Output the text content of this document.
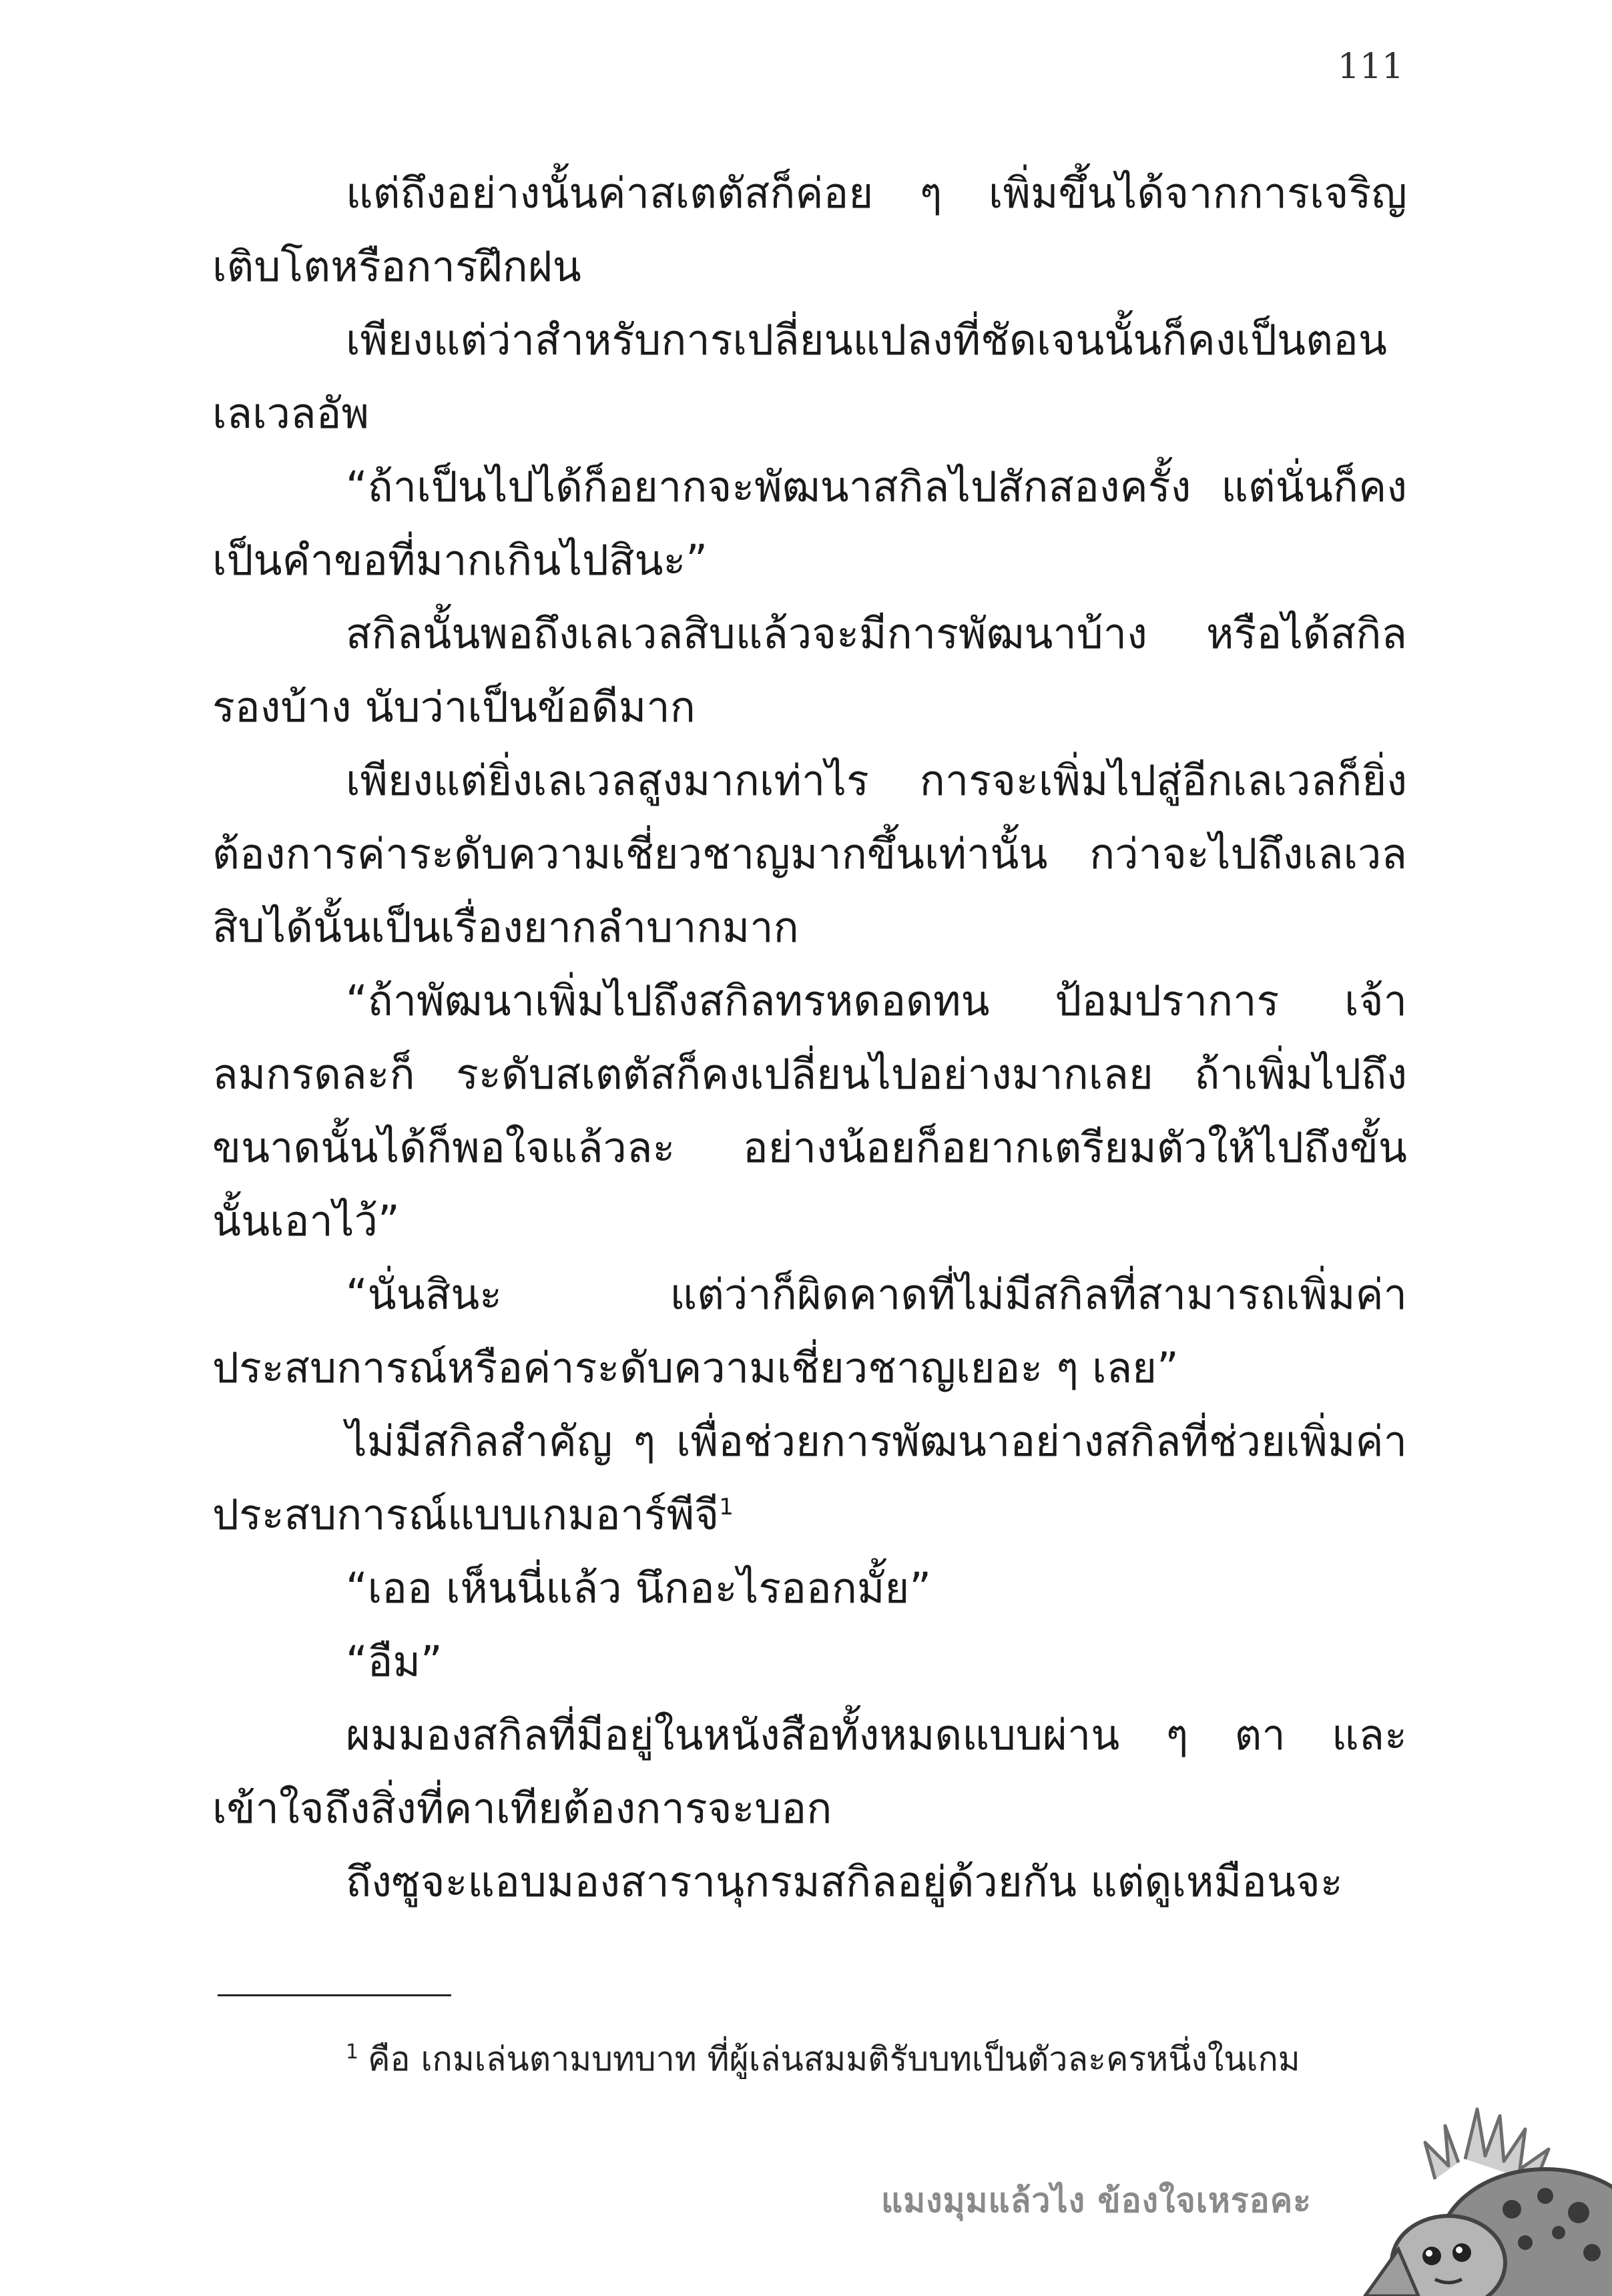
111

แต่ถึงอย่างนั้นค่าสเตตัสก็ค่อย ๆ เพิ่มขึ้นได้จากการเจริญเติบโตหรือการฝึกฝน

เพียงแต่ว่าสำหรับการเปลี่ยนแปลงที่ชัดเจนนั้นก็คงเป็นตอนเลเวลอัพ

“ถ้าเป็นไปได้ก็อยากจะพัฒนาสกิลไปสักสองครั้ง แต่นั่นก็คงเป็นคำขอที่มากเกินไปสินะ”

สกิลนั้นพอถึงเลเวลสิบแล้วจะมีการพัฒนาบ้าง หรือได้สกิลรองบ้าง นับว่าเป็นข้อดีมาก

เพียงแต่ยิ่งเลเวลสูงมากเท่าไร การจะเพิ่มไปสู่อีกเลเวลก็ยิ่งต้องการค่าระดับความเชี่ยวชาญมากขึ้นเท่านั้น กว่าจะไปถึงเลเวลสิบได้นั้นเป็นเรื่องยากลำบากมาก

“ถ้าพัฒนาเพิ่มไปถึงสกิลทรหดอดทน ป้อมปราการ เจ้าลมกรดละก็ ระดับสเตตัสก็คงเปลี่ยนไปอย่างมากเลย ถ้าเพิ่มไปถึงขนาดนั้นได้ก็พอใจแล้วละ อย่างน้อยก็อยากเตรียมตัวให้ไปถึงขั้นนั้นเอาไว้”

“นั่นสินะ แต่ว่าก็ผิดคาดที่ไม่มีสกิลที่สามารถเพิ่มค่าประสบการณ์หรือค่าระดับความเชี่ยวชาญเยอะ ๆ เลย”

ไม่มีสกิลสำคัญ ๆ เพื่อช่วยการพัฒนาอย่างสกิลที่ช่วยเพิ่มค่าประสบการณ์แบบเกมอาร์พีจี$^1$

“เออ เห็นนี่แล้ว นึกอะไรออกมั้ย”

“อืม”

ผมมองสกิลที่มีอยู่ในหนังสือทั้งหมดแบบผ่าน ๆ ตา และเข้าใจถึงสิ่งที่คาเทียต้องการจะบอก

ถึงซูจะแอบมองสารานุกรมสกิลอยู่ด้วยกัน แต่ดูเหมือนจะ

$^1$ คือ เกมเล่นตามบทบาท ที่ผู้เล่นสมมติรับบทเป็นตัวละครหนึ่งในเกม
แมงมุมแล้วไง ข้องใจเหรอคะ
